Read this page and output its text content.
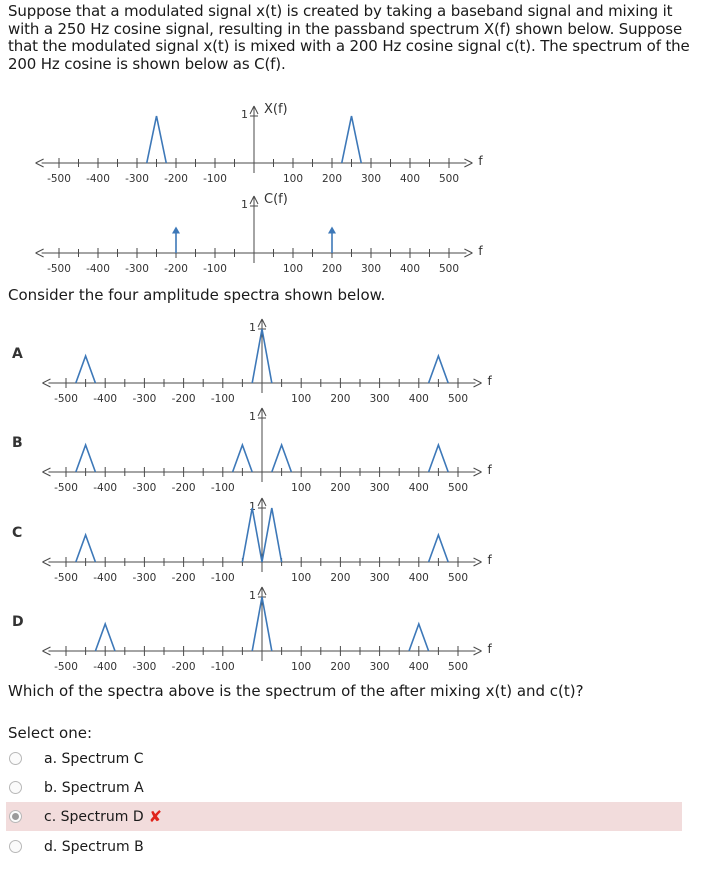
Suppose that a modulated signal x(t) is created by taking a baseband signal and mixing it with a 250 Hz cosine signal, resulting in the passband spectrum X(f) shown below. Suppose that the modulated signal x(t) is mixed with a 200 Hz cosine signal c(t). The spectrum of the 200 Hz cosine is shown below as C(f).
f
-500 -400 -300 -200 -100	100 200 300 400 500
1 X(f)
f
-500 -400 -300 -200 -100	100 200 300 400 500
1 C(f)
f
-500 -400 -300 -200 -100	100 200 300 400 500
1
A
f
-500 -400 -300 -200 -100	100 200 300 400 500
1
B
f
-500 -400 -300 -200 -100	100 200 300 400 500
1
C
f
-500 -400 -300 -200 -100	100 200 300 400 500
1
D
Consider the four amplitude spectra shown below.
Which of the spectra above is the spectrum of the after mixing x(t) and c(t)?
Select one:
a. Spectrum C
b. Spectrum A
c. Spectrum D ✘
d. Spectrum B
